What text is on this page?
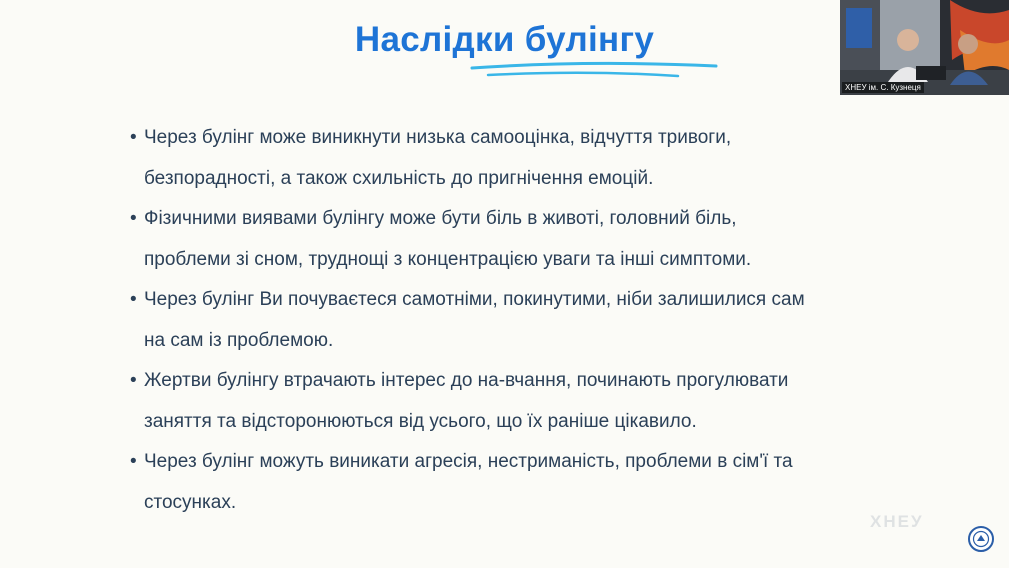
Наслідки булінгу
• Через булінг може виникнути низька самооцінка, відчуття тривоги,
безпорадності, а також схильність до пригнічення емоцій.
• Фізичними виявами булінгу може бути біль в животі, головний біль,
проблеми зі сном, труднощі з концентрацією уваги та інші симптоми.
• Через булінг Ви почуваєтеся самотніми, покинутими, ніби залишилися сам
на сам із проблемою.
• Жертви булінгу втрачають інтерес до на-вчання, починають прогулювати
заняття та відсторонюються від усього, що їх раніше цікавило.
• Через булінг можуть виникати агресія, нестриманість, проблеми в сім'ї та
стосунках.
ХНЕУ ім. С. Кузнеця
ХНЕУ
